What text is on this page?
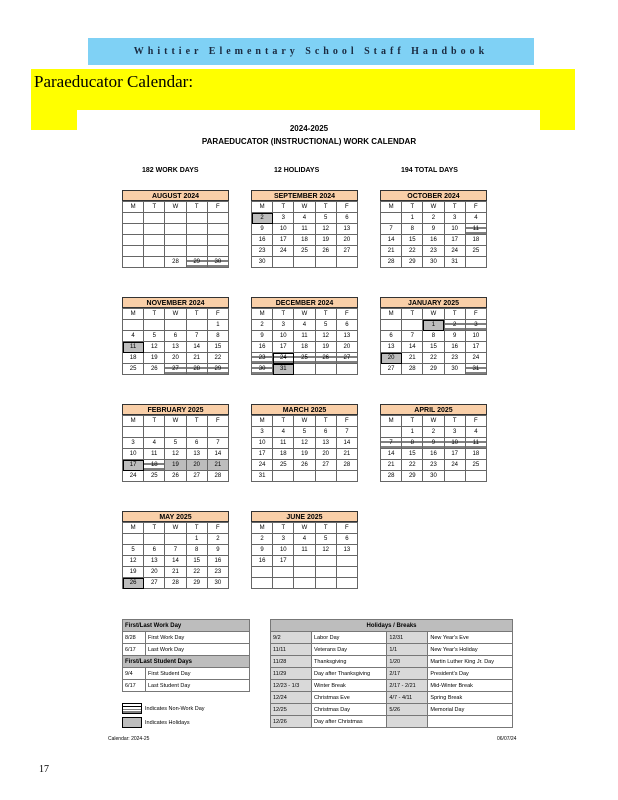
Whittier Elementary School Staff Handbook
Paraeducator Calendar:
2024-2025
PARAEDUCATOR (INSTRUCTIONAL) WORK CALENDAR
182 WORK DAYS	12 HOLIDAYS	194 TOTAL DAYS
AUGUST 2024
M	T	W	T	F

		28	29	30
SEPTEMBER 2024
M	T	W	T	F
2	3	4	5	6
9	10	11	12	13
16	17	18	19	20
23	24	25	26	27
30				
OCTOBER 2024
M	T	W	T	F
	1	2	3	4
7	8	9	10	11
14	15	16	17	18
21	22	23	24	25
28	29	30	31	
NOVEMBER 2024
M	T	W	T	F
				1
4	5	6	7	8
11	12	13	14	15
18	19	20	21	22
25	26	27	28	29
DECEMBER 2024
M	T	W	T	F
2	3	4	5	6
9	10	11	12	13
16	17	18	19	20
23	24	25	26	27
30	31			
JANUARY 2025
M	T	W	T	F
		1	2	3
6	7	8	9	10
13	14	15	16	17
20	21	22	23	24
27	28	29	30	31
FEBRUARY 2025
M	T	W	T	F

3	4	5	6	7
10	11	12	13	14
17	18	19	20	21
24	25	26	27	28
MARCH 2025
M	T	W	T	F
3	4	5	6	7
10	11	12	13	14
17	18	19	20	21
24	25	26	27	28
31				
APRIL 2025
M	T	W	T	F
	1	2	3	4
7	8	9	10	11
14	15	16	17	18
21	22	23	24	25
28	29	30		
MAY 2025
M	T	W	T	F
			1	2
5	6	7	8	9
12	13	14	15	16
19	20	21	22	23
26	27	28	29	30
JUNE 2025
M	T	W	T	F
2	3	4	5	6
9	10	11	12	13
16	17			

First/Last Work Day	
8/28	First Work Day
6/17	Last Work Day
First/Last Student Days	
9/4	First Student Day
6/17	Last Student Day
Indicates Non-Work Day
Indicates Holidays
Holidays / Breaks			
9/2	Labor Day	12/31	New Year's Eve
11/11	Veterans Day	1/1	New Year's Holiday
11/28	Thanksgiving	1/20	Martin Luther King Jr. Day
11/29	Day after Thanksgiving	2/17	President's Day
12/23 - 1/3	Winter Break	2/17 - 2/21	Mid-Winter Break
12/24	Christmas Eve	4/7 - 4/11	Spring Break
12/25	Christmas Day	5/26	Memorial Day
12/26	Day after Christmas		
Calendar: 2024-25	06/07/24
17
